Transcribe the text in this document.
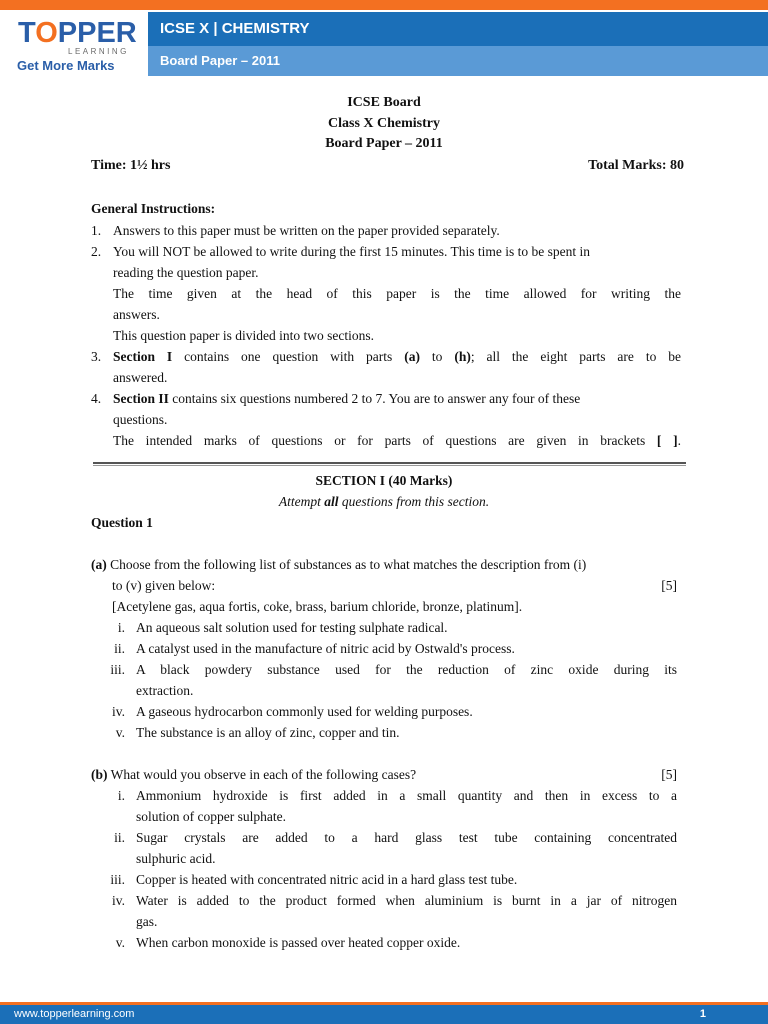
TOPPER
LEARNING
Get More Marks
ICSE X | CHEMISTRY
Board Paper – 2011
ICSE Board
Class X Chemistry
Board Paper – 2011
Time: 1½ hrs	Total Marks: 80
General Instructions:
1. Answers to this paper must be written on the paper provided separately.
2. You will NOT be allowed to write during the first 15 minutes. This time is to be spent in
reading the question paper.
The time given at the head of this paper is the time allowed for writing the
answers.
This question paper is divided into two sections.
3. Section I contains one question with parts (a) to (h); all the eight parts are to be
answered.
4. Section II contains six questions numbered 2 to 7. You are to answer any four of these
questions.
The intended marks of questions or for parts of questions are given in brackets [ ].
SECTION I (40 Marks)
Attempt all questions from this section.
Question 1
(a) Choose from the following list of substances as to what matches the description from (i)
to (v) given below:	[5]
[Acetylene gas, aqua fortis, coke, brass, barium chloride, bronze, platinum].
i. An aqueous salt solution used for testing sulphate radical.
ii. A catalyst used in the manufacture of nitric acid by Ostwald's process.
iii. A black powdery substance used for the reduction of zinc oxide during its
extraction.
iv. A gaseous hydrocarbon commonly used for welding purposes.
v. The substance is an alloy of zinc, copper and tin.
(b) What would you observe in each of the following cases?	[5]
i. Ammonium hydroxide is first added in a small quantity and then in excess to a
solution of copper sulphate.
ii. Sugar crystals are added to a hard glass test tube containing concentrated
sulphuric acid.
iii. Copper is heated with concentrated nitric acid in a hard glass test tube.
iv. Water is added to the product formed when aluminium is burnt in a jar of nitrogen
gas.
v. When carbon monoxide is passed over heated copper oxide.
www.topperlearning.com	1
